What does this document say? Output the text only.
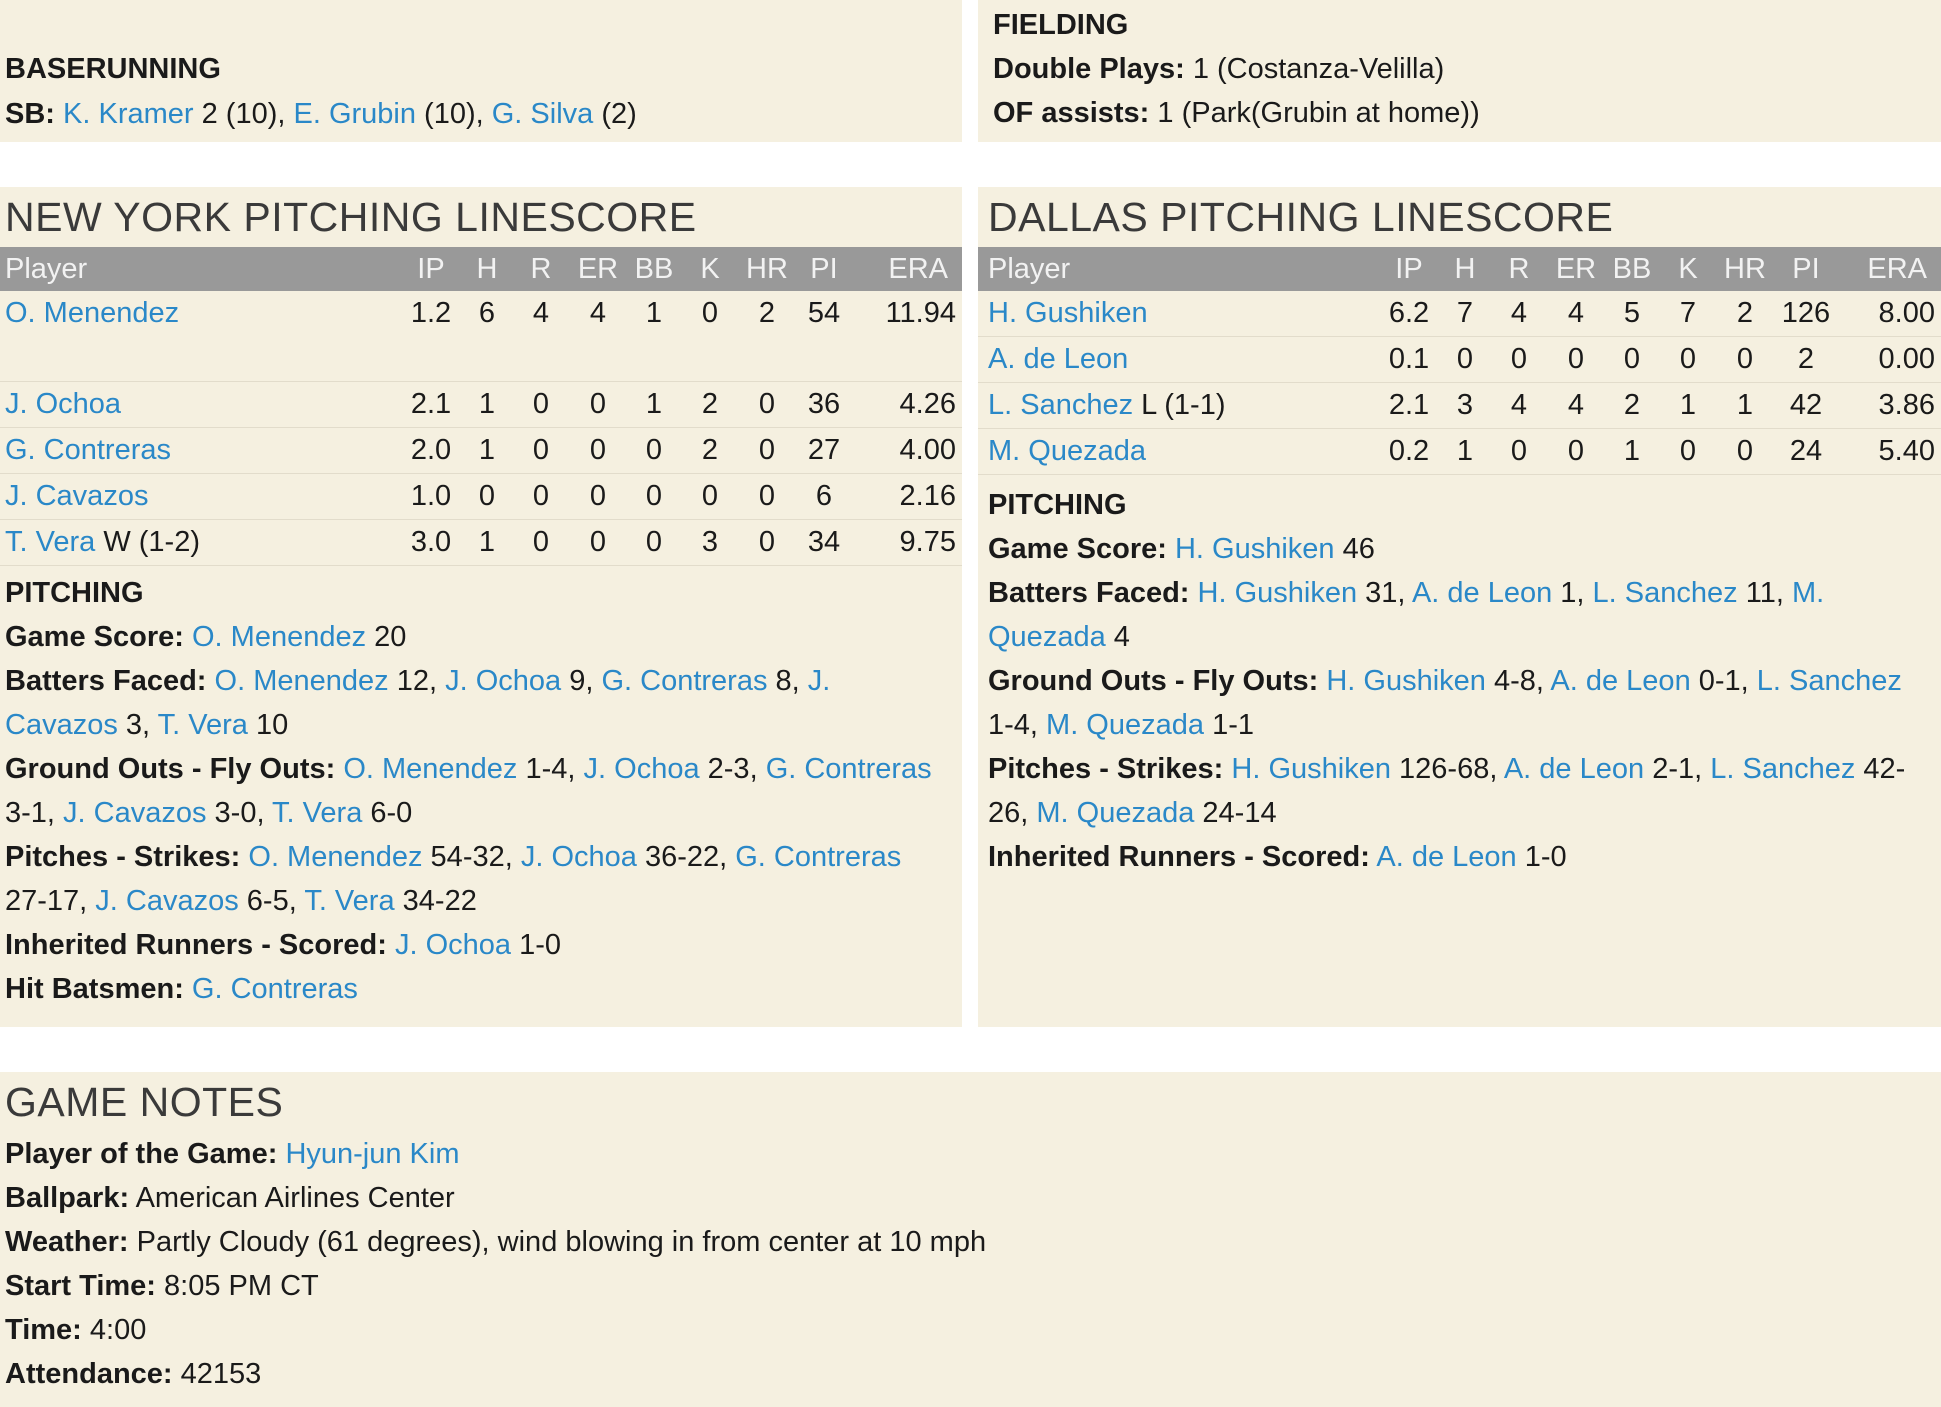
BASERUNNING
SB: K. Kramer 2 (10), E. Grubin (10), G. Silva (2)
FIELDING
Double Plays: 1 (Costanza-Velilla)
OF assists: 1 (Park(Grubin at home))
NEW YORK PITCHING LINESCORE
Player	IP	H	R	ER	BB	K	HR	PI	ERA
O. Menendez	1.2	6	4	4	1	0	2	54	11.94
J. Ochoa	2.1	1	0	0	1	2	0	36	4.26
G. Contreras	2.0	1	0	0	0	2	0	27	4.00
J. Cavazos	1.0	0	0	0	0	0	0	6	2.16
T. Vera W (1-2)	3.0	1	0	0	0	3	0	34	9.75
PITCHING
Game Score: O. Menendez 20
Batters Faced: O. Menendez 12, J. Ochoa 9, G. Contreras 8, J. Cavazos 3, T. Vera 10
Ground Outs - Fly Outs: O. Menendez 1-4, J. Ochoa 2-3, G. Contreras 3-1, J. Cavazos 3-0, T. Vera 6-0
Pitches - Strikes: O. Menendez 54-32, J. Ochoa 36-22, G. Contreras 27-17, J. Cavazos 6-5, T. Vera 34-22
Inherited Runners - Scored: J. Ochoa 1-0
Hit Batsmen: G. Contreras
DALLAS PITCHING LINESCORE
Player	IP	H	R	ER	BB	K	HR	PI	ERA
H. Gushiken	6.2	7	4	4	5	7	2	126	8.00
A. de Leon	0.1	0	0	0	0	0	0	2	0.00
L. Sanchez L (1-1)	2.1	3	4	4	2	1	1	42	3.86
M. Quezada	0.2	1	0	0	1	0	0	24	5.40
PITCHING
Game Score: H. Gushiken 46
Batters Faced: H. Gushiken 31, A. de Leon 1, L. Sanchez 11, M. Quezada 4
Ground Outs - Fly Outs: H. Gushiken 4-8, A. de Leon 0-1, L. Sanchez 1-4, M. Quezada 1-1
Pitches - Strikes: H. Gushiken 126-68, A. de Leon 2-1, L. Sanchez 42-26, M. Quezada 24-14
Inherited Runners - Scored: A. de Leon 1-0
GAME NOTES
Player of the Game: Hyun-jun Kim
Ballpark: American Airlines Center
Weather: Partly Cloudy (61 degrees), wind blowing in from center at 10 mph
Start Time: 8:05 PM CT
Time: 4:00
Attendance: 42153
